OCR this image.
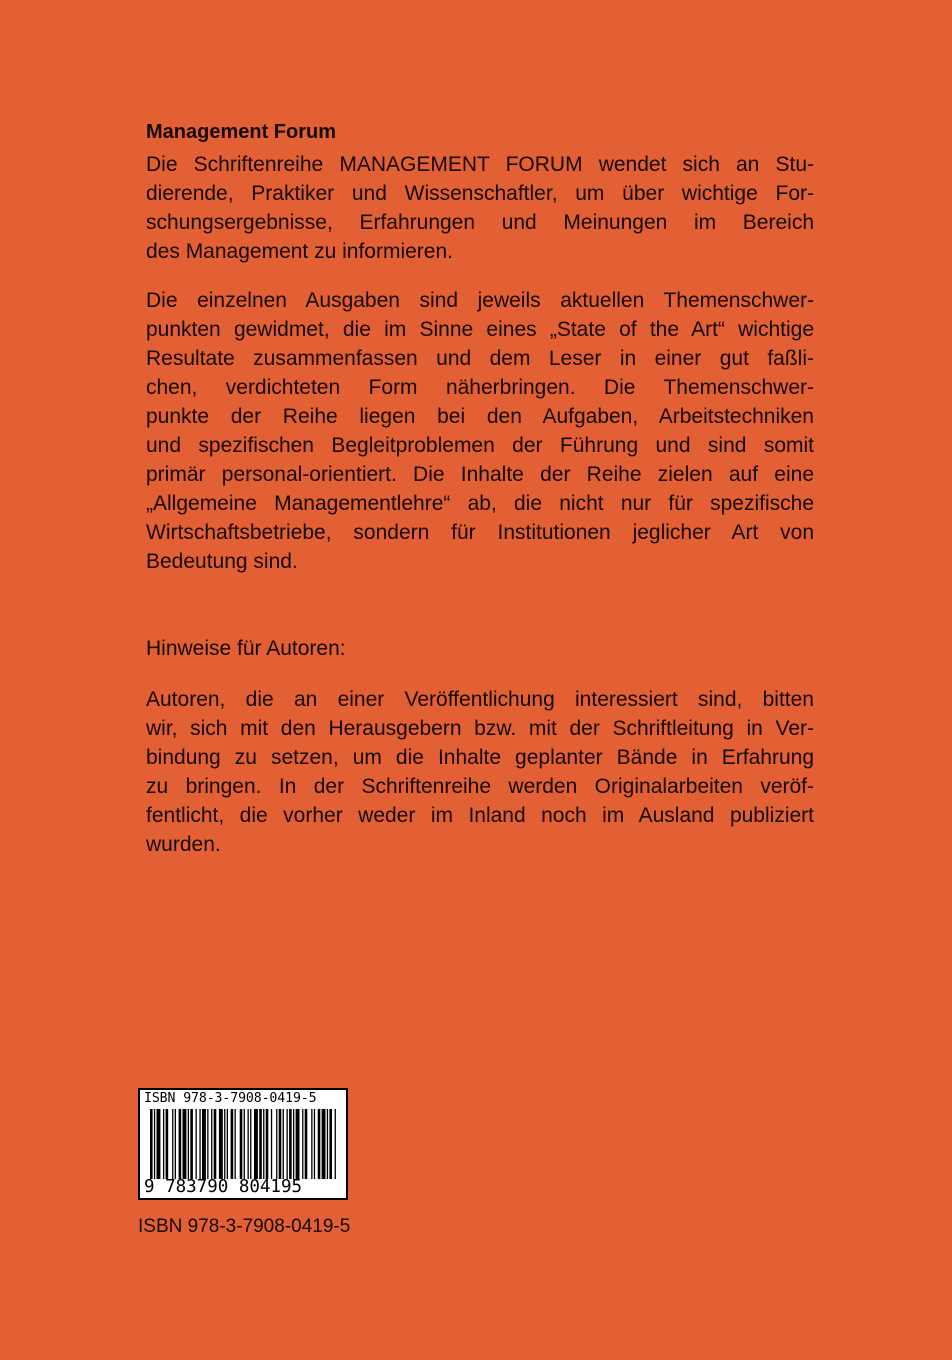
Management Forum
Die Schriftenreihe MANAGEMENT FORUM wendet sich an Stu-
dierende, Praktiker und Wissenschaftler, um über wichtige For-
schungsergebnisse, Erfahrungen und Meinungen im Bereich
des Management zu informieren.
Die einzelnen Ausgaben sind jeweils aktuellen Themenschwer-
punkten gewidmet, die im Sinne eines „State of the Art“ wichtige
Resultate zusammenfassen und dem Leser in einer gut faßli-
chen, verdichteten Form näherbringen. Die Themenschwer-
punkte der Reihe liegen bei den Aufgaben, Arbeitstechniken
und spezifischen Begleitproblemen der Führung und sind somit
primär personal-orientiert. Die Inhalte der Reihe zielen auf eine
„Allgemeine Managementlehre“ ab, die nicht nur für spezifische
Wirtschaftsbetriebe, sondern für Institutionen jeglicher Art von
Bedeutung sind.
Hinweise für Autoren:
Autoren, die an einer Veröffentlichung interessiert sind, bitten
wir, sich mit den Herausgebern bzw. mit der Schriftleitung in Ver-
bindung zu setzen, um die Inhalte geplanter Bände in Erfahrung
zu bringen. In der Schriftenreihe werden Originalarbeiten veröf-
fentlicht, die vorher weder im Inland noch im Ausland publiziert
wurden.
ISBN 978-3-7908-0419-5
9 783790 804195
ISBN 978-3-7908-0419-5
